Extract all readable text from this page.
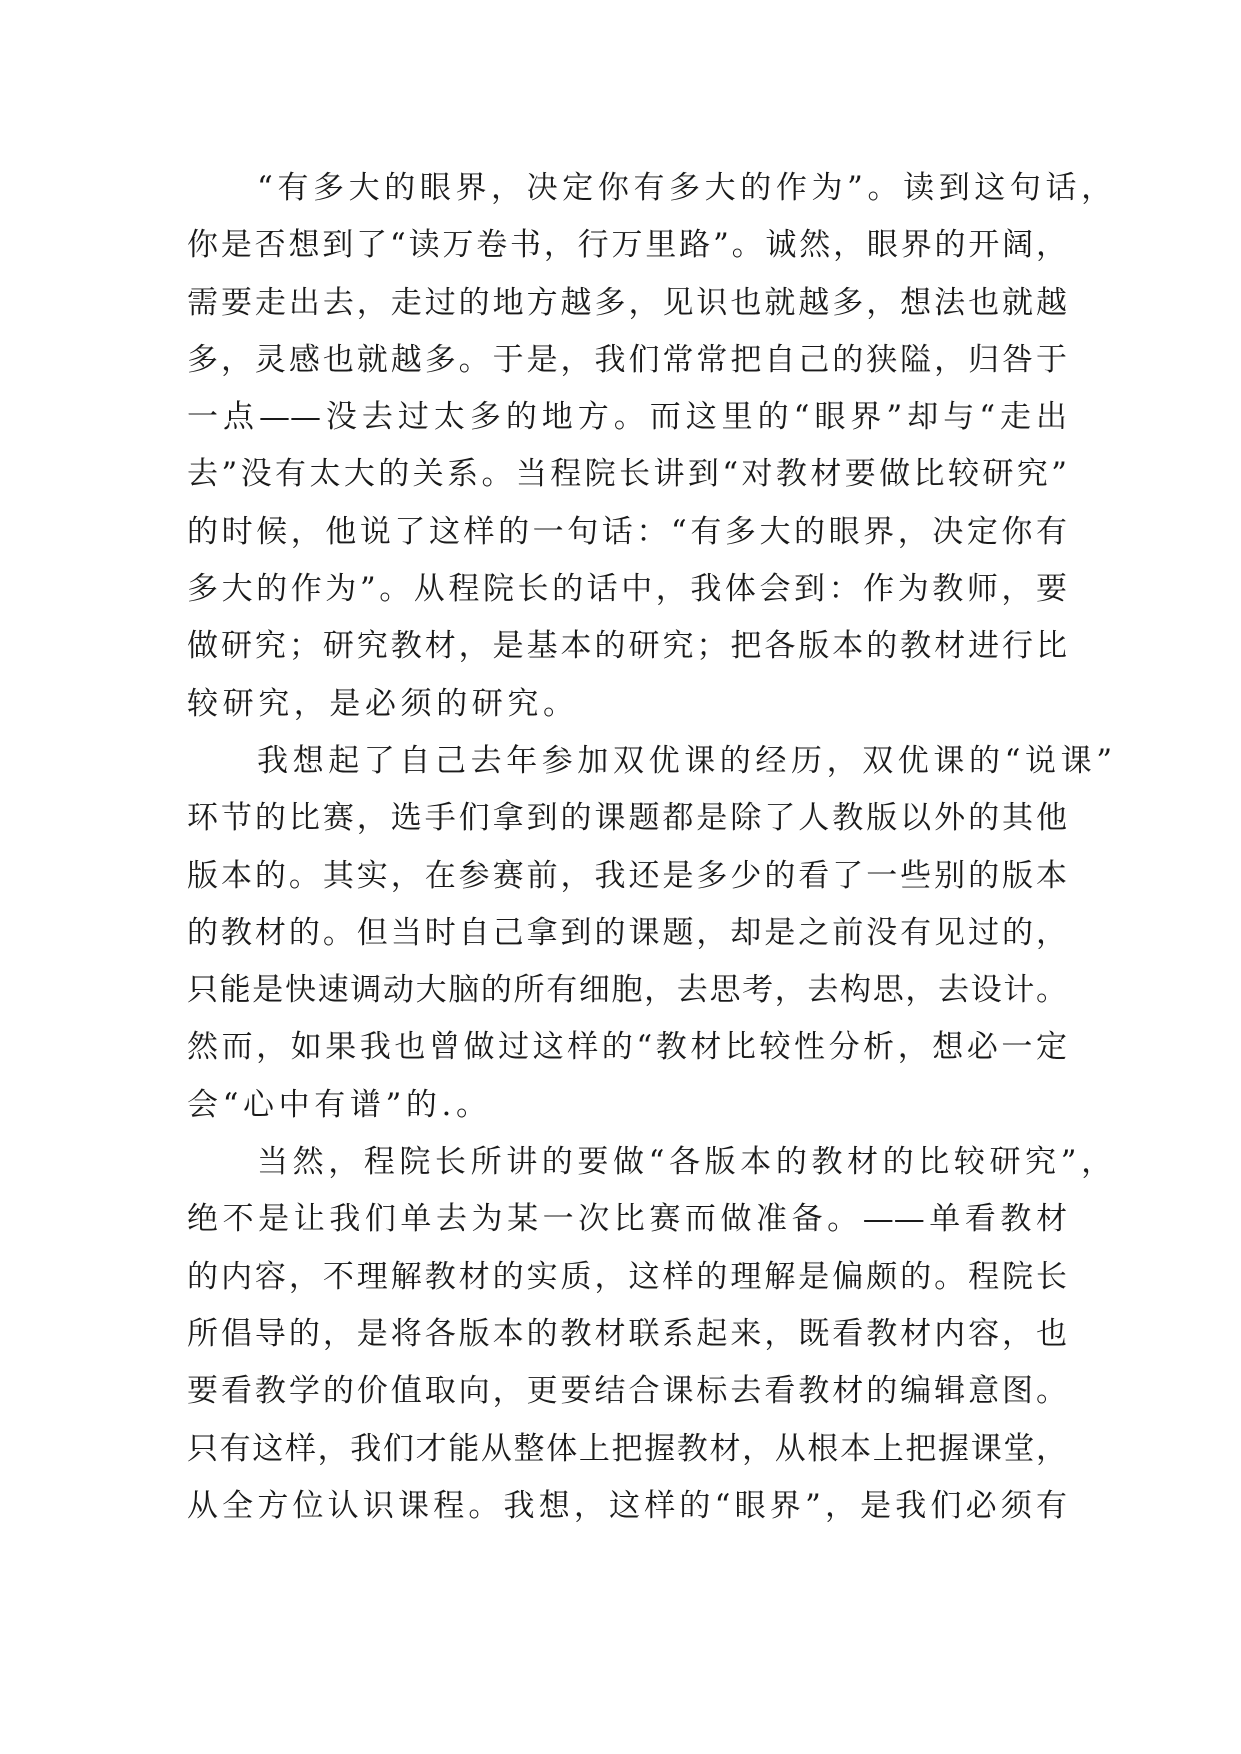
“有多大的眼界，决定你有多大的作为”。读到这句话，
你是否想到了“读万卷书，行万里路”。诚然，眼界的开阔，
需要走出去，走过的地方越多，见识也就越多，想法也就越
多，灵感也就越多。于是，我们常常把自己的狭隘，归咎于
一点——没去过太多的地方。而这里的“眼界”却与“走出
去”没有太大的关系。当程院长讲到“对教材要做比较研究”
的时候，他说了这样的一句话：“有多大的眼界，决定你有
多大的作为”。从程院长的话中，我体会到：作为教师，要
做研究；研究教材，是基本的研究；把各版本的教材进行比
较研究，是必须的研究。
我想起了自己去年参加双优课的经历，双优课的“说课”
环节的比赛，选手们拿到的课题都是除了人教版以外的其他
版本的。其实，在参赛前，我还是多少的看了一些别的版本
的教材的。但当时自己拿到的课题，却是之前没有见过的，
只能是快速调动大脑的所有细胞，去思考，去构思，去设计。
然而，如果我也曾做过这样的“教材比较性分析，想必一定
会“心中有谱”的.。
当然，程院长所讲的要做“各版本的教材的比较研究”，
绝不是让我们单去为某一次比赛而做准备。——单看教材
的内容，不理解教材的实质，这样的理解是偏颇的。程院长
所倡导的，是将各版本的教材联系起来，既看教材内容，也
要看教学的价值取向，更要结合课标去看教材的编辑意图。
只有这样，我们才能从整体上把握教材，从根本上把握课堂，
从全方位认识课程。我想，这样的“眼界”，是我们必须有
